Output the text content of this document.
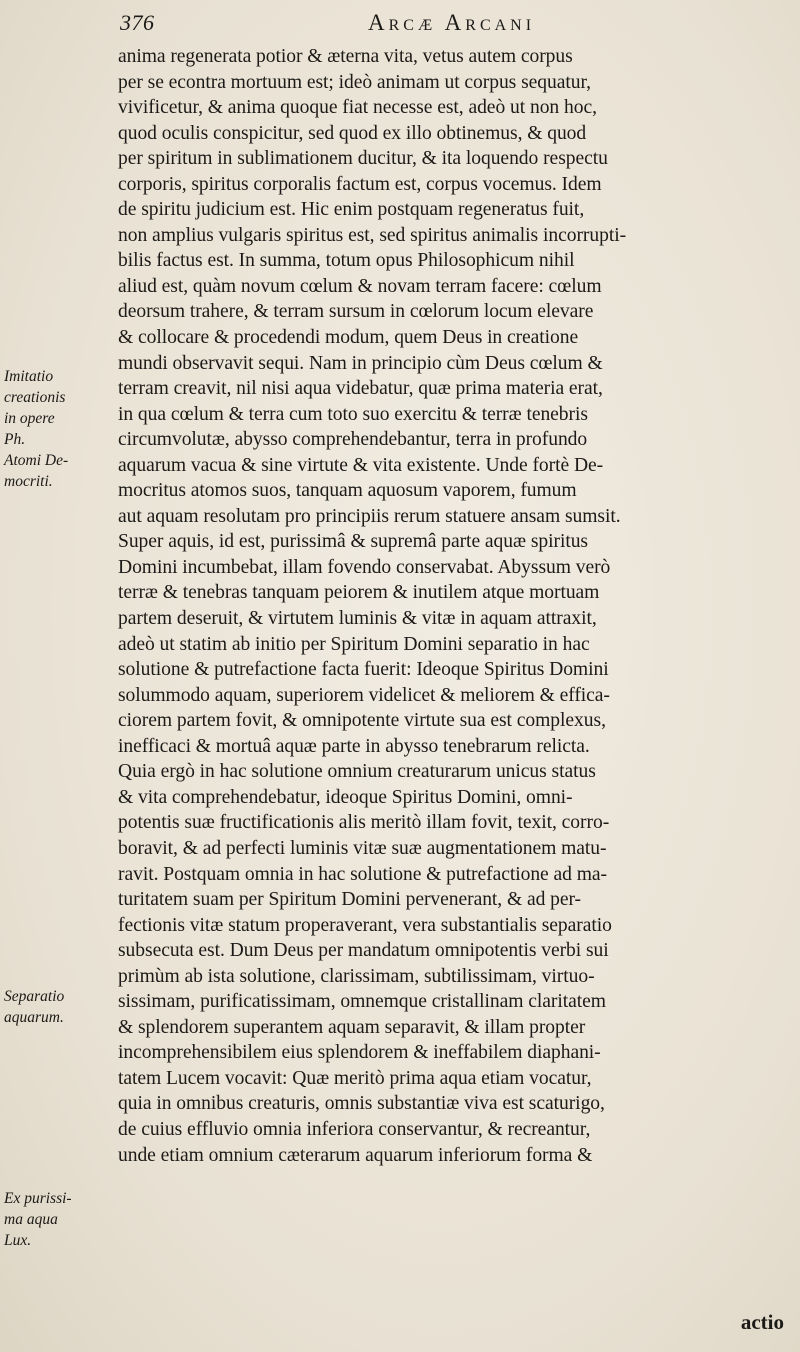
376	Arcæ Arcani
Imitatio
creationis
in opere
Ph.
Atomi De-
mocriti.
Separatio
aquarum.
Ex purissi-
ma aqua
Lux.
anima regenerata potior & æterna vita, vetus autem corpus
per se econtra mortuum est; ideò animam ut corpus sequatur,
vivificetur, & anima quoque fiat necesse est, adeò ut non hoc,
quod oculis conspicitur, sed quod ex illo obtinemus, & quod
per spiritum in sublimationem ducitur, & ita loquendo respectu
corporis, spiritus corporalis factum est, corpus vocemus. Idem
de spiritu judicium est. Hic enim postquam regeneratus fuit,
non amplius vulgaris spiritus est, sed spiritus animalis incorrupti-
bilis factus est. In summa, totum opus Philosophicum nihil
aliud est, quàm novum cœlum & novam terram facere: cœlum
deorsum trahere, & terram sursum in cœlorum locum elevare
& collocare & procedendi modum, quem Deus in creatione
mundi observavit sequi. Nam in principio cùm Deus cœlum &
terram creavit, nil nisi aqua videbatur, quæ prima materia erat,
in qua cœlum & terra cum toto suo exercitu & terræ tenebris
circumvolutæ, abysso comprehendebantur, terra in profundo
aquarum vacua & sine virtute & vita existente. Unde fortè De-
mocritus atomos suos, tanquam aquosum vaporem, fumum
aut aquam resolutam pro principiis rerum statuere ansam sumsit.
Super aquis, id est, purissimâ & supremâ parte aquæ spiritus
Domini incumbebat, illam fovendo conservabat. Abyssum verò
terræ & tenebras tanquam peiorem & inutilem atque mortuam
partem deseruit, & virtutem luminis & vitæ in aquam attraxit,
adeò ut statim ab initio per Spiritum Domini separatio in hac
solutione & putrefactione facta fuerit: Ideoque Spiritus Domini
solummodo aquam, superiorem videlicet & meliorem & effica-
ciorem partem fovit, & omnipotente virtute sua est complexus,
inefficaci & mortuâ aquæ parte in abysso tenebrarum relicta.
Quia ergò in hac solutione omnium creaturarum unicus status
& vita comprehendebatur, ideoque Spiritus Domini, omni-
potentis suæ fructificationis alis meritò illam fovit, texit, corro-
boravit, & ad perfecti luminis vitæ suæ augmentationem matu-
ravit. Postquam omnia in hac solutione & putrefactione ad ma-
turitatem suam per Spiritum Domini pervenerant, & ad per-
fectionis vitæ statum properaverant, vera substantialis separatio
subsecuta est. Dum Deus per mandatum omnipotentis verbi sui
primùm ab ista solutione, clarissimam, subtilissimam, virtuo-
sissimam, purificatissimam, omnemque cristallinam claritatem
& splendorem superantem aquam separavit, & illam propter
incomprehensibilem eius splendorem & ineffabilem diaphani-
tatem Lucem vocavit: Quæ meritò prima aqua etiam vocatur,
quia in omnibus creaturis, omnis substantiæ viva est scaturigo,
de cuius effluvio omnia inferiora conservantur, & recreantur,
unde etiam omnium cæterarum aquarum inferiorum forma &
actio
